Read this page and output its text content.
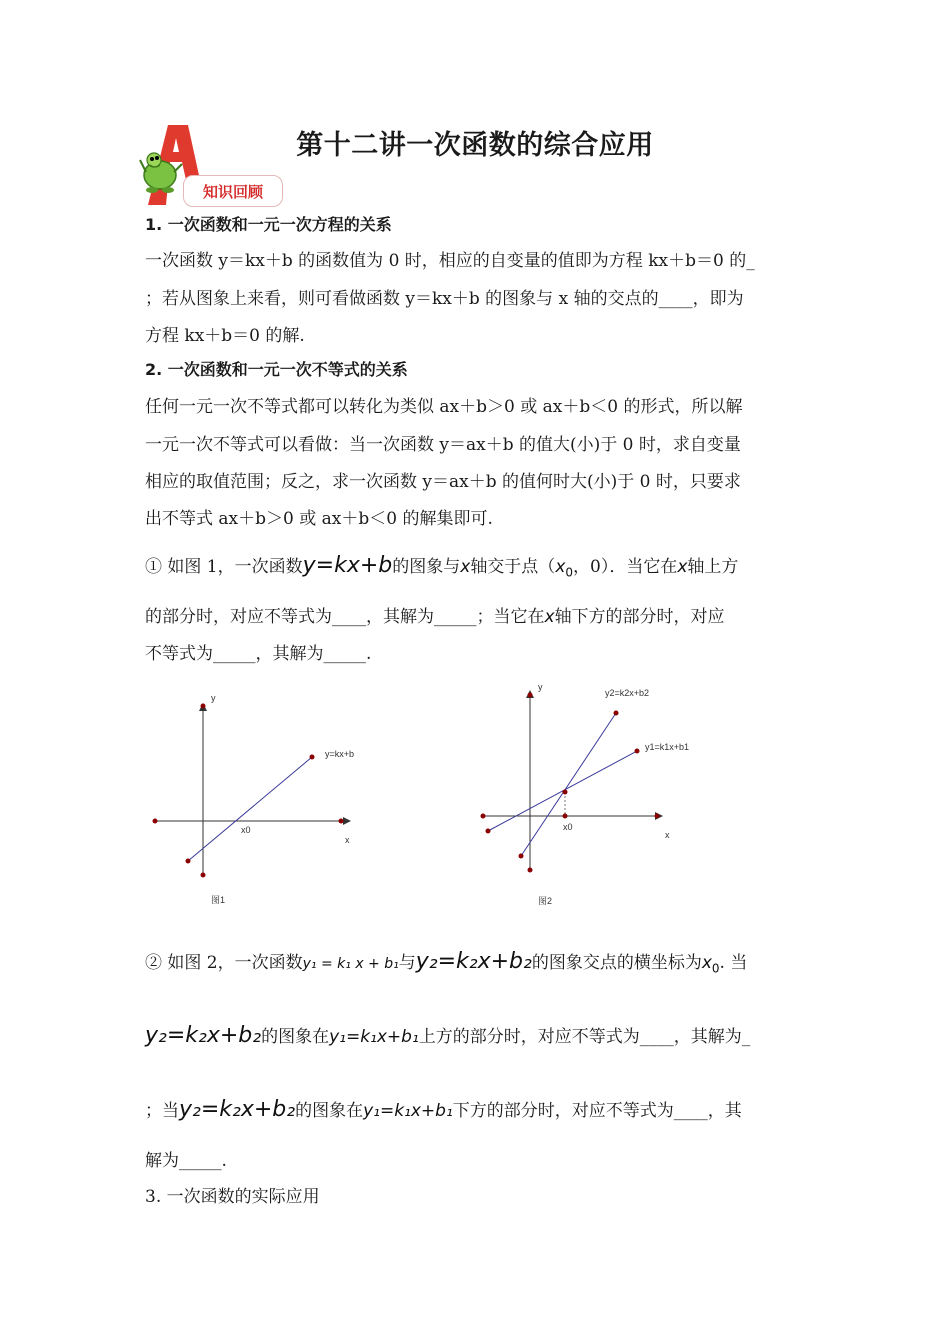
知识回顾
第十二讲一次函数的综合应用
1. 一次函数和一元一次方程的关系
一次函数 y＝kx＋b 的函数值为 0 时，相应的自变量的值即为方程 kx＋b＝0 的_
；若从图象上来看，则可看做函数 y＝kx＋b 的图象与 x 轴的交点的____，即为
方程 kx＋b＝0 的解.
2. 一次函数和一元一次不等式的关系
任何一元一次不等式都可以转化为类似 ax＋b＞0 或 ax＋b＜0 的形式，所以解
一元一次不等式可以看做：当一次函数 y＝ax＋b 的值大(小)于 0 时，求自变量
相应的取值范围；反之，求一次函数 y＝ax＋b 的值何时大(小)于 0 时，只要求
出不等式 ax＋b＞0 或 ax＋b＜0 的解集即可.
① 如图 1，一次函数y=kx+b的图象与x轴交于点（$x_0$，0）．当它在x轴上方
的部分时，对应不等式为____，其解为_____；当它在x轴下方的部分时，对应
不等式为_____，其解为_____.
y
x
y=kx+b
x0
图1
y
x
y2=k2x+b2
y1=k1x+b1
x0
图2
② 如图 2，一次函数y₁ = k₁ x + b₁与y₂=k₂x+b₂的图象交点的横坐标为$x_0$. 当
y₂=k₂x+b₂的图象在y₁=k₁x+b₁上方的部分时，对应不等式为____，其解为_
；当y₂=k₂x+b₂的图象在y₁=k₁x+b₁下方的部分时，对应不等式为____，其
解为_____.
3. 一次函数的实际应用
